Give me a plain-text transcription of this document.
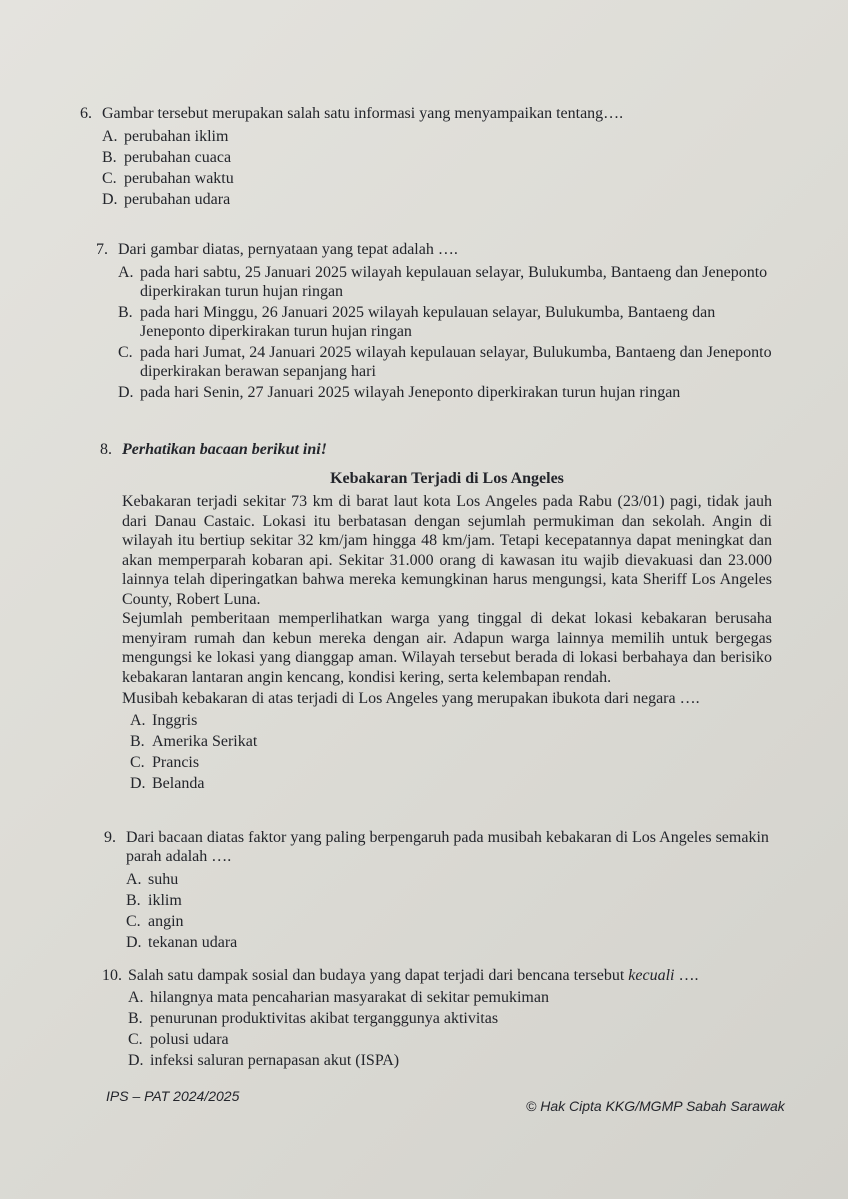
6. Gambar tersebut merupakan salah satu informasi yang menyampaikan tentang….
A. perubahan iklim
B. perubahan cuaca
C. perubahan waktu
D. perubahan udara
7. Dari gambar diatas, pernyataan yang tepat adalah ….
A. pada hari sabtu, 25 Januari 2025 wilayah kepulauan selayar, Bulukumba, Bantaeng dan Jeneponto diperkirakan turun hujan ringan
B. pada hari Minggu, 26 Januari 2025 wilayah kepulauan selayar, Bulukumba, Bantaeng dan Jeneponto diperkirakan turun hujan ringan
C. pada hari Jumat, 24 Januari 2025 wilayah kepulauan selayar, Bulukumba, Bantaeng dan Jeneponto diperkirakan berawan sepanjang hari
D. pada hari Senin, 27 Januari 2025 wilayah Jeneponto diperkirakan turun hujan ringan
8. Perhatikan bacaan berikut ini!
Kebakaran Terjadi di Los Angeles

Kebakaran terjadi sekitar 73 km di barat laut kota Los Angeles pada Rabu (23/01) pagi, tidak jauh dari Danau Castaic. Lokasi itu berbatasan dengan sejumlah permukiman dan sekolah. Angin di wilayah itu bertiup sekitar 32 km/jam hingga 48 km/jam. Tetapi kecepatannya dapat meningkat dan akan memperparah kobaran api. Sekitar 31.000 orang di kawasan itu wajib dievakuasi dan 23.000 lainnya telah diperingatkan bahwa mereka kemungkinan harus mengungsi, kata Sheriff Los Angeles County, Robert Luna.

Sejumlah pemberitaan memperlihatkan warga yang tinggal di dekat lokasi kebakaran berusaha menyiram rumah dan kebun mereka dengan air. Adapun warga lainnya memilih untuk bergegas mengungsi ke lokasi yang dianggap aman. Wilayah tersebut berada di lokasi berbahaya dan berisiko kebakaran lantaran angin kencang, kondisi kering, serta kelembapan rendah.

Musibah kebakaran di atas terjadi di Los Angeles yang merupakan ibukota dari negara ….

A. Inggris
B. Amerika Serikat
C. Prancis
D. Belanda
9. Dari bacaan diatas faktor yang paling berpengaruh pada musibah kebakaran di Los Angeles semakin parah adalah ….
A. suhu
B. iklim
C. angin
D. tekanan udara
10. Salah satu dampak sosial dan budaya yang dapat terjadi dari bencana tersebut kecuali ….
A. hilangnya mata pencaharian masyarakat di sekitar pemukiman
B. penurunan produktivitas akibat terganggunya aktivitas
C. polusi udara
D. infeksi saluran pernapasan akut (ISPA)
IPS – PAT 2024/2025
© Hak Cipta KKG/MGMP Sabah Sarawak
